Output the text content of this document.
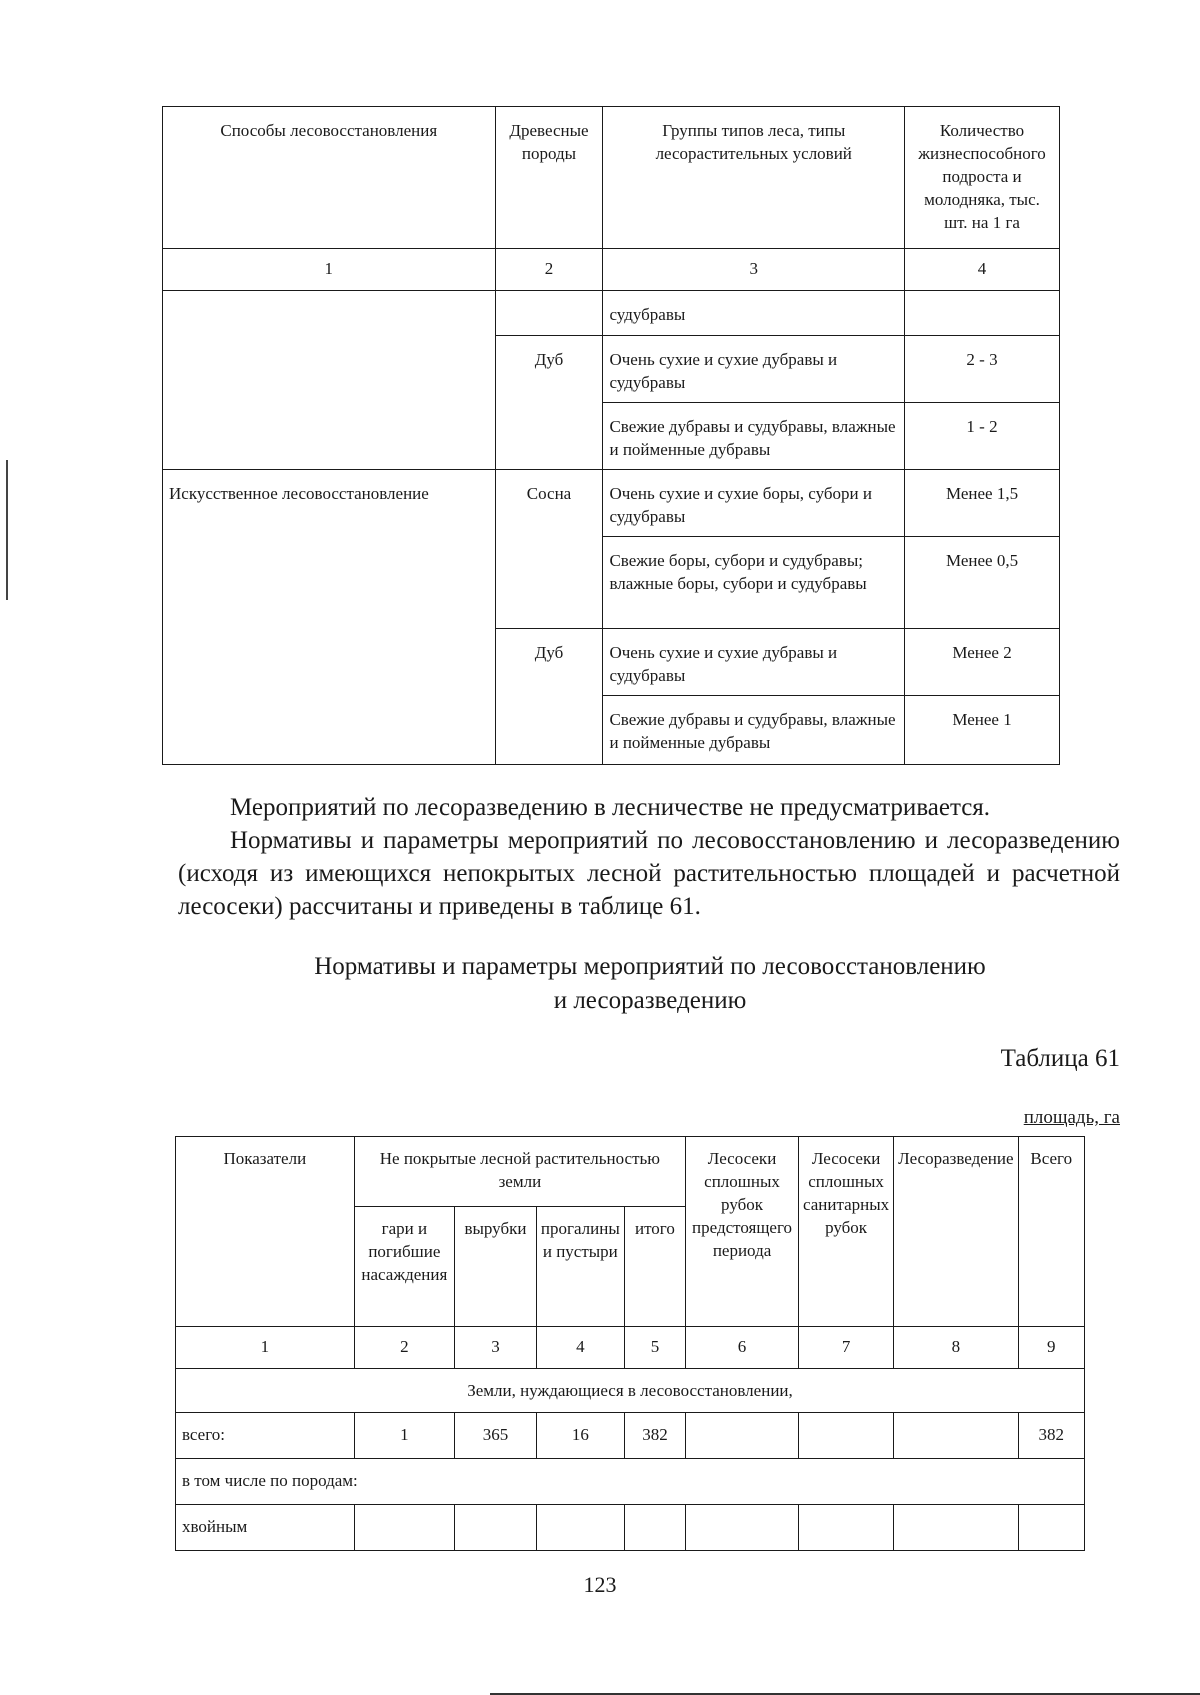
Способы лесовосстановления	Древесные породы	Группы типов леса, типы лесорастительных условий	Количество жизнеспособного подроста и молодняка, тыс. шт. на 1 га
1	2	3	4
		судубравы	
	Дуб	Очень сухие и сухие дубравы и судубравы	2 - 3
		Свежие дубравы и судубравы, влажные и пойменные дубравы	1 - 2
Искусственное лесовосстановление	Сосна	Очень сухие и сухие боры, субори и судубравы	Менее 1,5
		Свежие боры, субори и судубравы; влажные боры, субори и судубравы	Менее 0,5
	Дуб	Очень сухие и сухие дубравы и судубравы	Менее 2
		Свежие дубравы и судубравы, влажные и пойменные дубравы	Менее 1
Мероприятий по лесоразведению в лесничестве не предусматривается.
Нормативы и параметры мероприятий по лесовосстановлению и лесоразведению (исходя из имеющихся непокрытых лесной растительностью площадей и расчетной лесосеки) рассчитаны и приведены в таблице 61.
Нормативы и параметры мероприятий по лесовосстановлению
и лесоразведению
Таблица 61
площадь, га
Показатели	Не покрытые лесной растительностью земли				Лесосеки сплошных рубок предстоящего периода	Лесосеки сплошных санитарных рубок	Лесоразведение	Всего
	гари и погибшие насаждения	вырубки	прогалины и пустыри	итого				
1	2	3	4	5	6	7	8	9
Земли, нуждающиеся в лесовосстановлении,								
всего:	1	365	16	382				382
в том числе по породам:								
хвойным								
123
